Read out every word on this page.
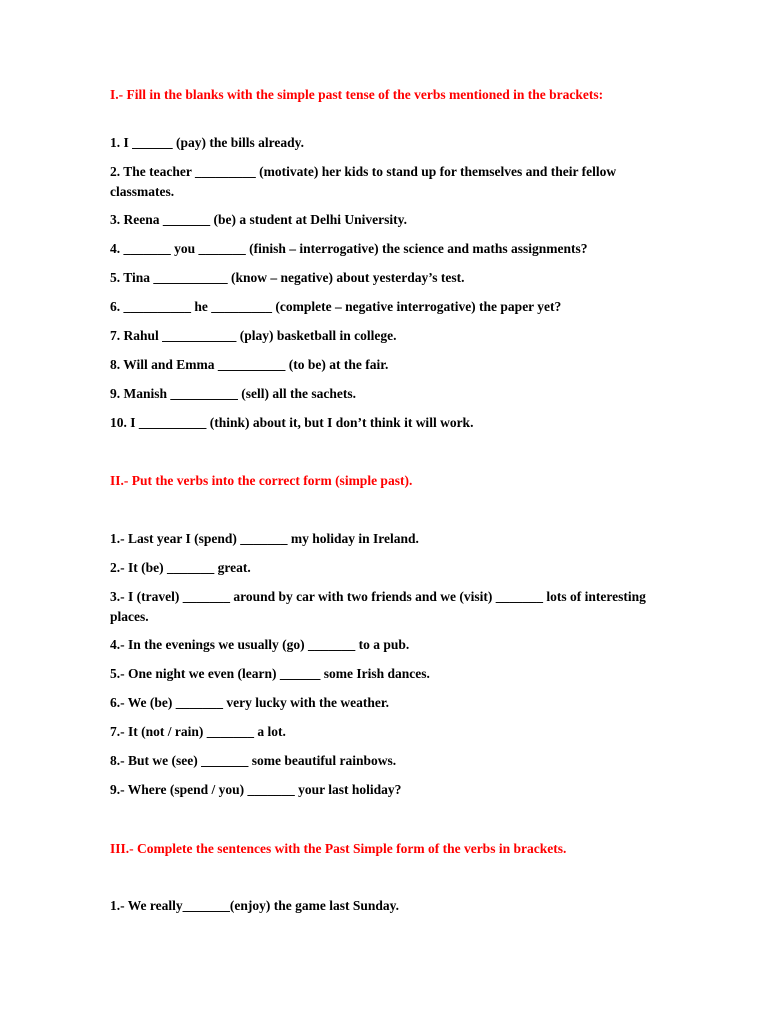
I.- Fill in the blanks with the simple past tense of the verbs mentioned in the brackets:
1. I ______ (pay) the bills already.
2. The teacher _________ (motivate) her kids to stand up for themselves and their fellow classmates.
3. Reena _______ (be) a student at Delhi University.
4. _______ you _______ (finish – interrogative) the science and maths assignments?
5. Tina ___________ (know – negative) about yesterday’s test.
6. __________ he _________ (complete – negative interrogative) the paper yet?
7. Rahul ___________ (play) basketball in college.
8. Will and Emma __________ (to be) at the fair.
9. Manish __________ (sell) all the sachets.
10. I __________ (think) about it, but I don’t think it will work.
II.- Put the verbs into the correct form (simple past).
1.- Last year I (spend) _______ my holiday in Ireland.
2.- It (be) _______ great.
3.- I (travel) _______ around by car with two friends and we (visit) _______ lots of interesting places.
4.- In the evenings we usually (go) _______ to a pub.
5.- One night we even (learn) ______ some Irish dances.
6.- We (be) _______ very lucky with the weather.
7.- It (not / rain) _______ a lot.
8.- But we (see) _______ some beautiful rainbows.
9.- Where (spend / you) _______ your last holiday?
III.- Complete the sentences with the Past Simple form of the verbs in brackets.
1.- We really_______(enjoy) the game last Sunday.
